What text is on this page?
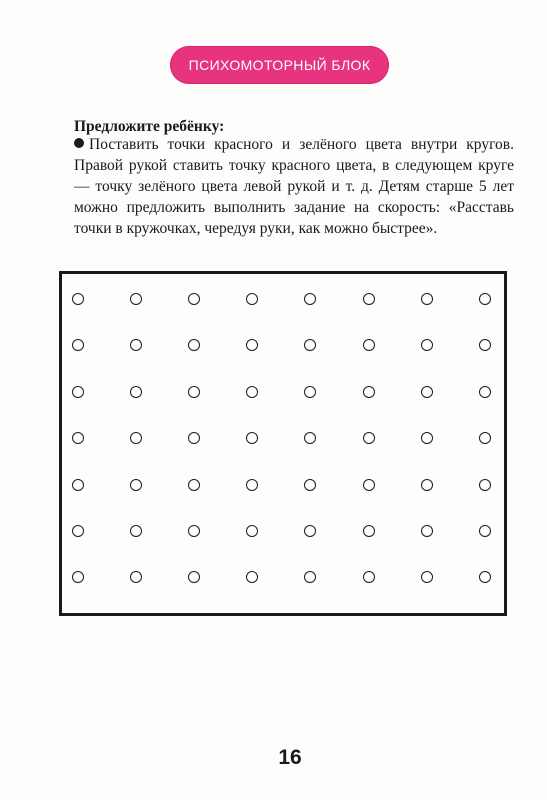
ПСИХОМОТОРНЫЙ БЛОК
Предложите ребёнку:
Поставить точки красного и зелёного цвета внутри кругов. Правой рукой ставить точку красного цвета, в следующем круге — точку зелёного цвета левой рукой и т. д. Детям старше 5 лет можно предложить выполнить задание на скорость: «Расставь точки в кружочках, чередуя руки, как можно быстрее».
16
